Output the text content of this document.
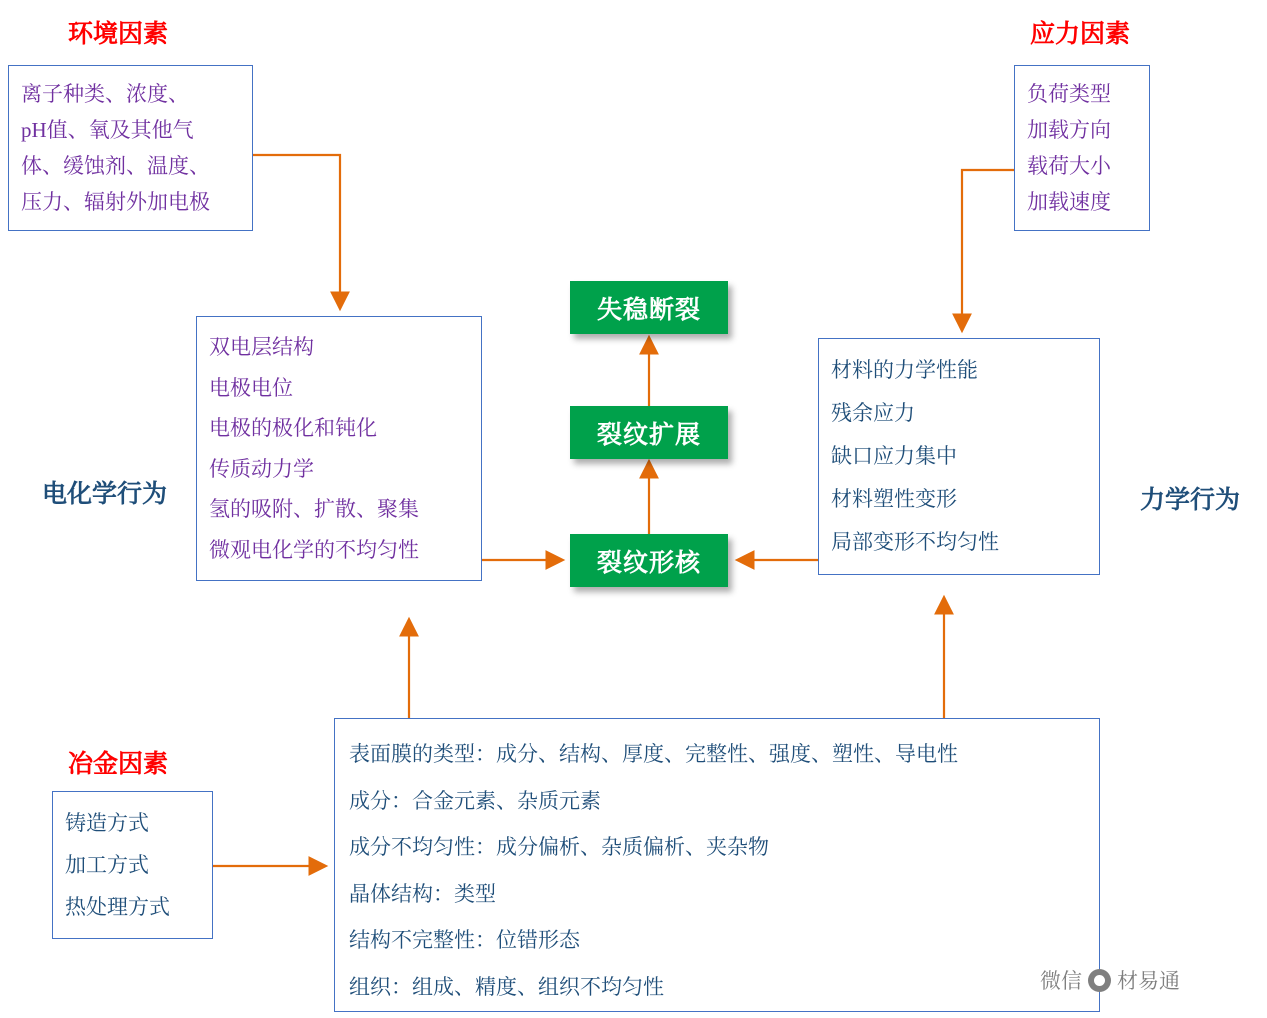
环境因素	应力因素
电化学行为	力学行为
冶金因素
离子种类、浓度、
pH值、氧及其他气
体、缓蚀剂、温度、
压力、辐射外加电极
负荷类型
加载方向
载荷大小
加载速度
双电层结构
电极电位
电极的极化和钝化
传质动力学
氢的吸附、扩散、聚集
微观电化学的不均匀性
材料的力学性能
残余应力
缺口应力集中
材料塑性变形
局部变形不均匀性
铸造方式
加工方式
热处理方式
表面膜的类型：成分、结构、厚度、完整性、强度、塑性、导电性
成分：合金元素、杂质元素
成分不均匀性：成分偏析、杂质偏析、夹杂物
晶体结构：类型
结构不完整性：位错形态
组织：组成、精度、组织不均匀性
失稳断裂
裂纹扩展
裂纹形核
微信 材易通
